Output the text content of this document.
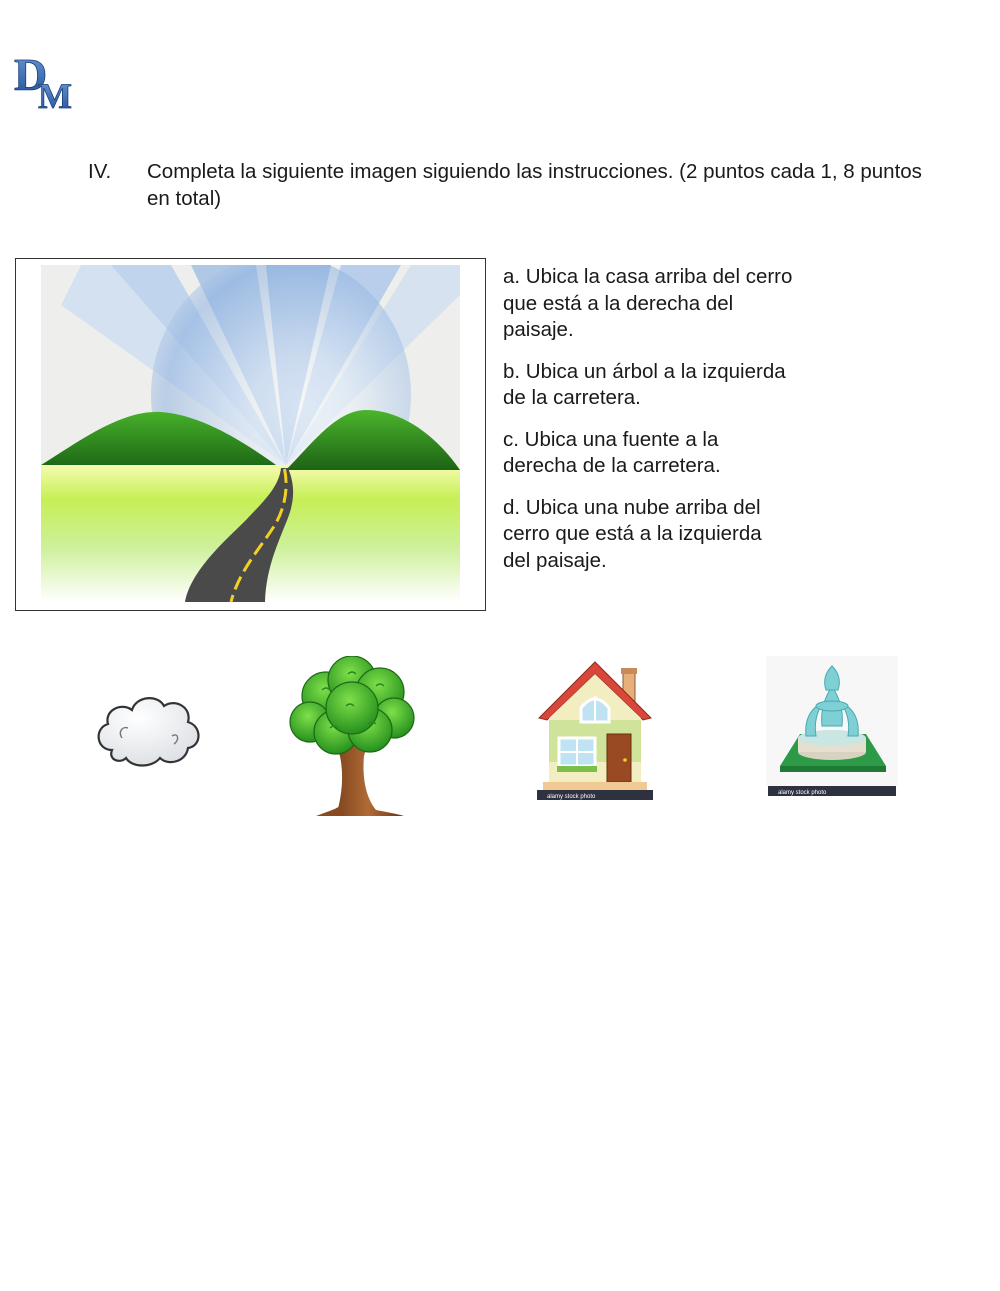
D
M
IV. Completa la siguiente imagen siguiendo las instrucciones. (2 puntos cada 1, 8 puntos en total)

a. Ubica la casa arriba del cerro que está a la derecha del paisaje.

b. Ubica un árbol a la izquierda de la carretera.

c. Ubica una fuente a la derecha de la carretera.

d. Ubica una nube arriba del cerro que está a la izquierda del paisaje.

alamy stock photo
alamy stock photo
